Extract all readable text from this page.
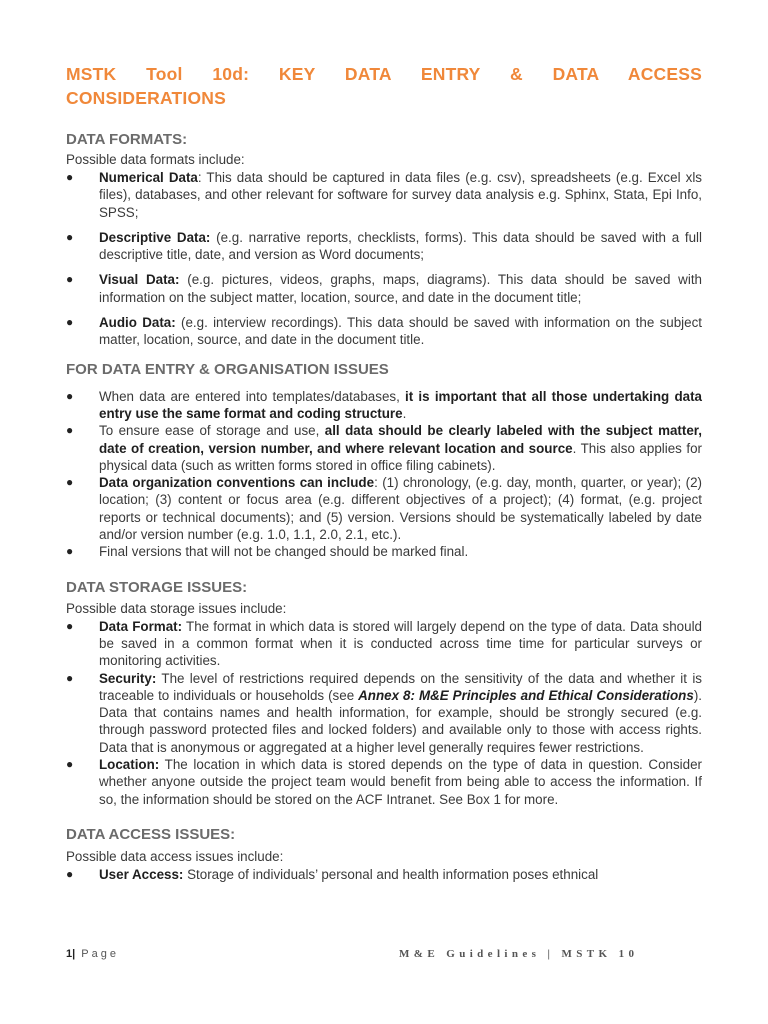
MSTK Tool 10d: KEY DATA ENTRY & DATA ACCESS
CONSIDERATIONS
DATA FORMATS:

Possible data formats include:

● Numerical Data: This data should be captured in data files (e.g. csv), spreadsheets (e.g. Excel xls files), databases, and other relevant for software for survey data analysis e.g. Sphinx, Stata, Epi Info, SPSS;
● Descriptive Data: (e.g. narrative reports, checklists, forms). This data should be saved with a full descriptive title, date, and version as Word documents;
● Visual Data: (e.g. pictures, videos, graphs, maps, diagrams). This data should be saved with information on the subject matter, location, source, and date in the document title;
● Audio Data: (e.g. interview recordings). This data should be saved with information on the subject matter, location, source, and date in the document title.
FOR DATA ENTRY & ORGANISATION ISSUES
● When data are entered into templates/databases, it is important that all those undertaking data entry use the same format and coding structure.
● To ensure ease of storage and use, all data should be clearly labeled with the subject matter, date of creation, version number, and where relevant location and source. This also applies for physical data (such as written forms stored in office filing cabinets).
● Data organization conventions can include: (1) chronology, (e.g. day, month, quarter, or year); (2) location; (3) content or focus area (e.g. different objectives of a project); (4) format, (e.g. project reports or technical documents); and (5) version. Versions should be systematically labeled by date and/or version number (e.g. 1.0, 1.1, 2.0, 2.1, etc.).
● Final versions that will not be changed should be marked final.
DATA STORAGE ISSUES:

Possible data storage issues include:

● Data Format: The format in which data is stored will largely depend on the type of data. Data should be saved in a common format when it is conducted across time time for particular surveys or monitoring activities.
● Security: The level of restrictions required depends on the sensitivity of the data and whether it is traceable to individuals or households (see Annex 8: M&E Principles and Ethical Considerations). Data that contains names and health information, for example, should be strongly secured (e.g. through password protected files and locked folders) and available only to those with access rights. Data that is anonymous or aggregated at a higher level generally requires fewer restrictions.
● Location: The location in which data is stored depends on the type of data in question. Consider whether anyone outside the project team would benefit from being able to access the information. If so, the information should be stored on the ACF Intranet. See Box 1 for more.
DATA ACCESS ISSUES:

Possible data access issues include:

● User Access: Storage of individuals’ personal and health information poses ethnical
1| Page	M&E Guidelines | MSTK 10
